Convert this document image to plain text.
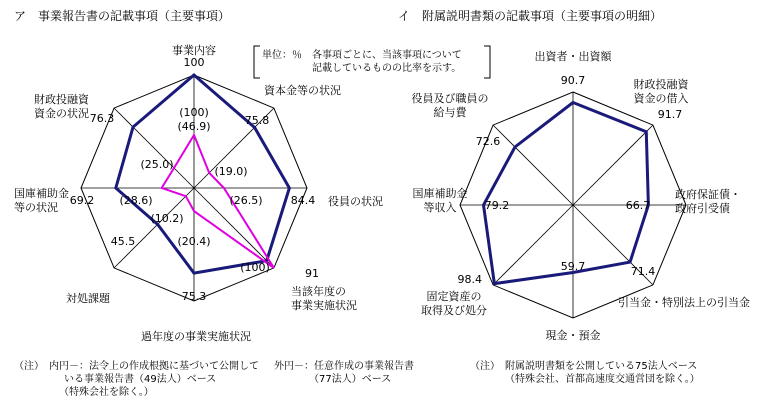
ア　事業報告書の記載事項（主要事項）
事業内容
資本金等の状況
役員の状況
当該年度の事業実施状況
過年度の事業実施状況
対処課題
国庫補助金等の状況
財政投融資資金の状況
100
75.8
84.4
91
75.3
45.5
69.2
76.3
(46.9)
(19.0)
(26.5)
(100)
(20.4)
(10.2)
(28.6)
(25.0)
(100)
単位：％　各事項ごとに、当該事項について　　　　　記載しているものの比率を示す。
イ　附属説明書類の記載事項（主要事項の明細）
出資者・出資額
財政投融資資金の借入
政府保証債・政府引受債
引当金・特別法上の引当金
現金・預金
固定資産の取得及び処分
国庫補助金等収入
役員及び職員の給与費
90.7
91.7
66.7
71.4
59.7
98.4
79.2
72.6
（注）　内円－：法令上の作成根拠に基づいて公開して
　　　　　いる事業報告書（49法人）ベース
　　　　　（特殊会社を除く。）
外円－：任意作成の事業報告書
　　　　（77法人）ベース
（注）　附属説明書類を公開している75法人ベース
　　　　（特殊会社、首都高速度交通営団を除く。）
